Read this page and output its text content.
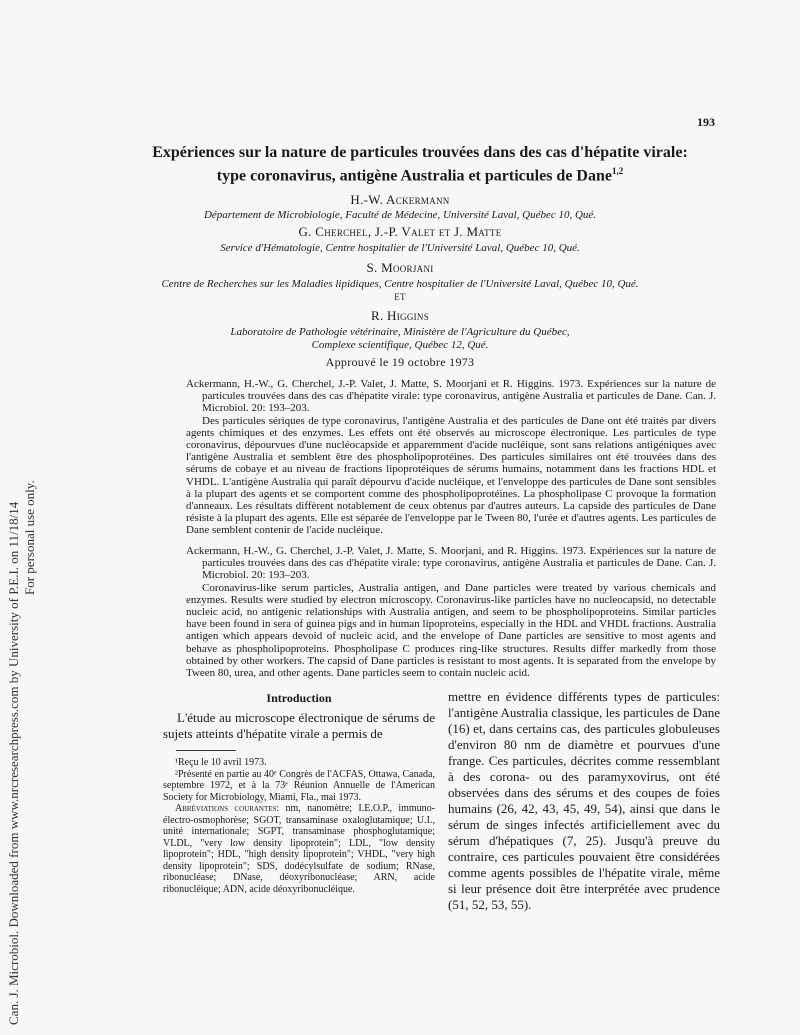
Can. J. Microbiol. Downloaded from www.nrcresearchpress.com by University of P.E.I. on 11/18/14 For personal use only.
193
Expériences sur la nature de particules trouvées dans des cas d'hépatite virale:
type coronavirus, antigène Australia et particules de Dane$^{1,2}$
H.-W. Ackermann
Département de Microbiologie, Faculté de Médecine, Université Laval, Québec 10, Qué.
G. Cherchel, J.-P. Valet et J. Matte
Service d'Hématologie, Centre hospitalier de l'Université Laval, Québec 10, Qué.
S. Moorjani
Centre de Recherches sur les Maladies lipidiques, Centre hospitalier de l'Université Laval, Québec 10, Qué.
ET
R. Higgins
Laboratoire de Pathologie vétérinaire, Ministère de l'Agriculture du Québec,
Complexe scientifique, Québec 12, Qué.
Approuvé le 19 octobre 1973

Ackermann, H.-W., G. Cherchel, J.-P. Valet, J. Matte, S. Moorjani et R. Higgins. 1973. Expériences sur la nature de particules trouvées dans des cas d'hépatite virale: type coronavirus, antigène Australia et particules de Dane. Can. J. Microbiol. 20: 193–203.

Des particules sériques de type coronavirus, l'antigène Australia et des particules de Dane ont été traités par divers agents chimiques et des enzymes. Les effets ont été observés au microscope électronique. Les particules de type coronavirus, dépourvues d'une nucléocapside et apparemment d'acide nucléique, sont sans relations antigéniques avec l'antigène Australia et semblent être des phospholipoprotéines. Des particules similaires ont été trouvées dans des sérums de cobaye et au niveau de fractions lipoprotéiques de sérums humains, notamment dans les fractions HDL et VHDL. L'antigène Australia qui paraît dépourvu d'acide nucléique, et l'enveloppe des particules de Dane sont sensibles à la plupart des agents et se comportent comme des phospholipoprotéines. La phospholipase C provoque la formation d'anneaux. Les résultats diffèrent notablement de ceux obtenus par d'autres auteurs. La capside des particules de Dane résiste à la plupart des agents. Elle est séparée de l'enveloppe par le Tween 80, l'urée et d'autres agents. Les particules de Dane semblent contenir de l'acide nucléique.

Ackermann, H.-W., G. Cherchel, J.-P. Valet, J. Matte, S. Moorjani, and R. Higgins. 1973. Expériences sur la nature de particules trouvées dans des cas d'hépatite virale: type coronavirus, antigène Australia et particules de Dane. Can. J. Microbiol. 20: 193–203.

Coronavirus-like serum particles, Australia antigen, and Dane particles were treated by various chemicals and enzymes. Results were studied by electron microscopy. Coronavirus-like particles have no nucleocapsid, no detectable nucleic acid, no antigenic relationships with Australia antigen, and seem to be phospholipoproteins. Similar particles have been found in sera of guinea pigs and in human lipoproteins, especially in the HDL and VHDL fractions. Australia antigen which appears devoid of nucleic acid, and the envelope of Dane particles are sensitive to most agents and behave as phospholipoproteins. Phospholipase C produces ring-like structures. Results differ markedly from those obtained by other workers. The capsid of Dane particles is resistant to most agents. It is separated from the envelope by Tween 80, urea, and other agents. Dane particles seem to contain nucleic acid.

Introduction
L'étude au microscope électronique de sérums de sujets atteints d'hépatite virale a permis de

¹Reçu le 10 avril 1973.

²Présenté en partie au 40ᵉ Congrès de l'ACFAS, Ottawa, Canada, septembre 1972, et à la 73ᵉ Réunion Annuelle de l'American Society for Microbiology, Miami, Fla., mai 1973.

Abréviations courantes: nm, nanomètre; I.E.O.P., immuno-électro-osmophorèse; SGOT, transaminase oxaloglutamique; U.I., unité internationale; SGPT, transaminase phosphoglutamique; VLDL, "very low density lipoprotein"; LDL, "low density lipoprotein"; HDL, "high density lipoprotein"; VHDL, "very high density lipoprotein"; SDS, dodécylsulfate de sodium; RNase, ribonucléase; DNase, déoxyribonucléase; ARN, acide ribonucléique; ADN, acide déoxyribonucléique.

mettre en évidence différents types de particules: l'antigène Australia classique, les particules de Dane (16) et, dans certains cas, des particules globuleuses d'environ 80 nm de diamètre et pourvues d'une frange. Ces particules, décrites comme ressemblant à des corona- ou des paramyxovirus, ont été observées dans des sérums et des coupes de foies humains (26, 42, 43, 45, 49, 54), ainsi que dans le sérum de singes infectés artificiellement avec du sérum d'hépatiques (7, 25). Jusqu'à preuve du contraire, ces particules pouvaient être considérées comme agents possibles de l'hépatite virale, même si leur présence doit être interprétée avec prudence (51, 52, 53, 55).
